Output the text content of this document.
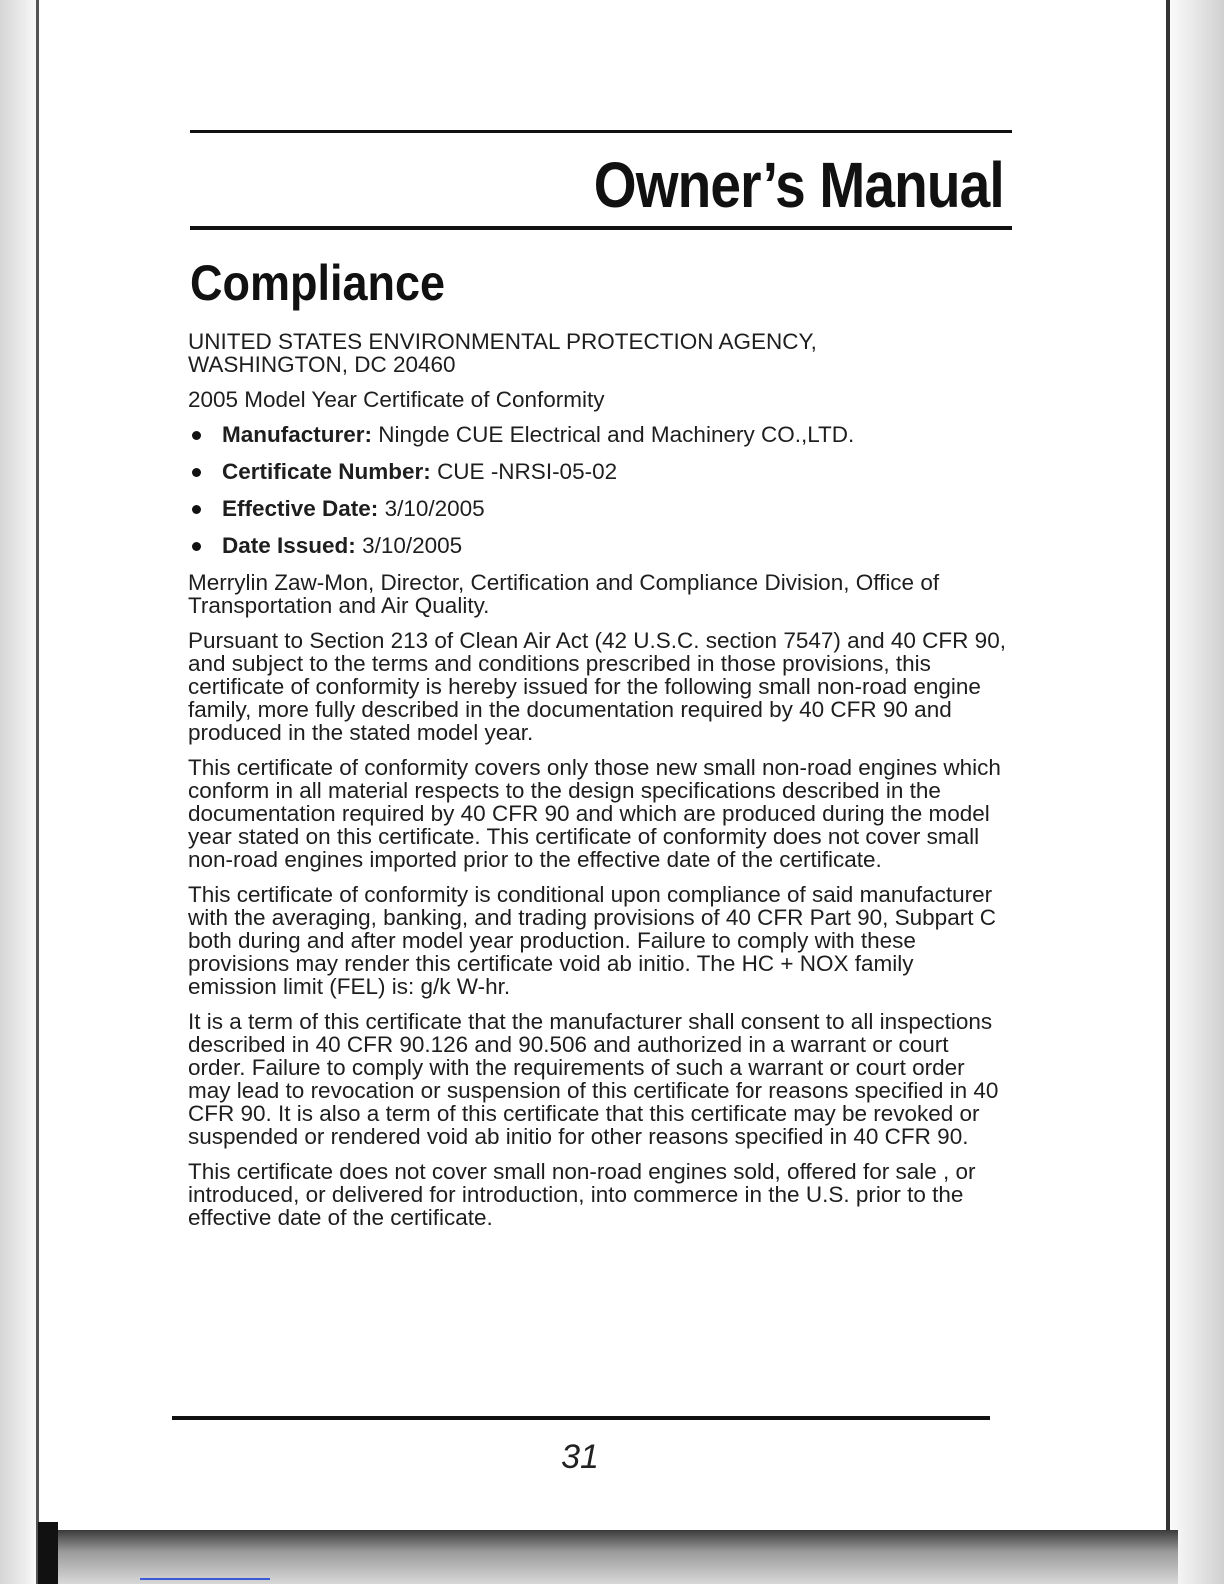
Owner’s Manual
Compliance

UNITED STATES ENVIRONMENTAL PROTECTION AGENCY,
WASHINGTON, DC 20460

2005 Model Year Certificate of Conformity

Manufacturer: Ningde CUE Electrical and Machinery CO.,LTD.
Certificate Number: CUE -NRSI-05-02
Effective Date: 3/10/2005
Date Issued: 3/10/2005

Merrylin Zaw-Mon, Director, Certification and Compliance Division, Office of Transportation and Air Quality.

Pursuant to Section 213 of Clean Air Act (42 U.S.C. section 7547) and 40 CFR 90, and subject to the terms and conditions prescribed in those provisions, this certificate of conformity is hereby issued for the following small non-road engine family, more fully described in the documentation required by 40 CFR 90 and produced in the stated model year.

This certificate of conformity covers only those new small non-road engines which conform in all material respects to the design specifications described in the documentation required by 40 CFR 90 and which are produced during the model year stated on this certificate. This certificate of conformity does not cover small non-road engines imported prior to the effective date of the certificate.

This certificate of conformity is conditional upon compliance of said manufacturer with the averaging, banking, and trading provisions of 40 CFR Part 90, Subpart C both during and after model year production. Failure to comply with these provisions may render this certificate void ab initio. The HC + NOX family emission limit (FEL) is: g/k W-hr.

It is a term of this certificate that the manufacturer shall consent to all inspections described in 40 CFR 90.126 and 90.506 and authorized in a warrant or court order. Failure to comply with the requirements of such a warrant or court order may lead to revocation or suspension of this certificate for reasons specified in 40 CFR 90. It is also a term of this certificate that this certificate may be revoked or suspended or rendered void ab initio for other reasons specified in 40 CFR 90.

This certificate does not cover small non-road engines sold, offered for sale , or introduced, or delivered for introduction, into commerce in the U.S. prior to the effective date of the certificate.

31
